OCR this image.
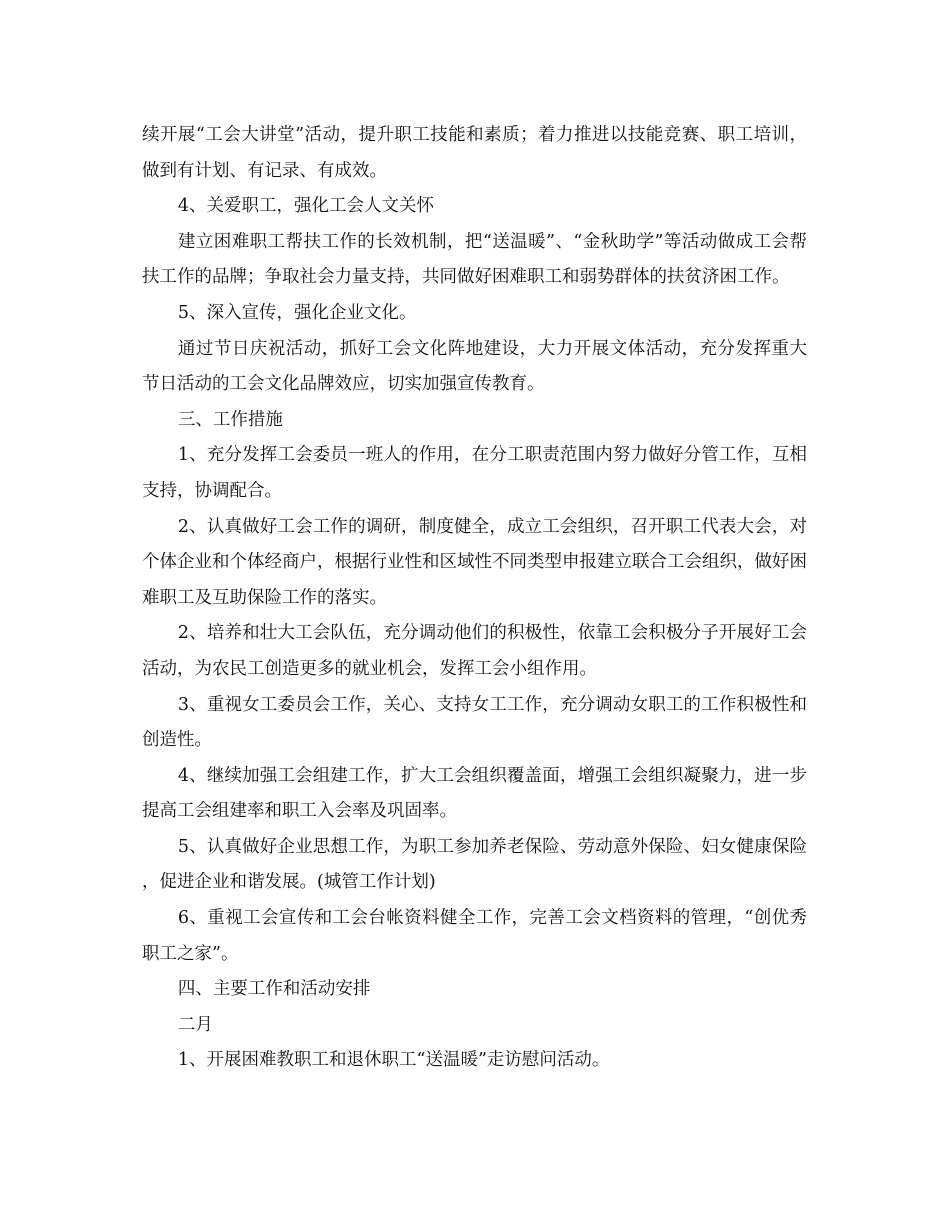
续开展“工会大讲堂”活动，提升职工技能和素质；着力推进以技能竞赛、职工培训，做到有计划、有记录、有成效。

4、关爱职工，强化工会人文关怀

建立困难职工帮扶工作的长效机制，把“送温暖”、“金秋助学”等活动做成工会帮扶工作的品牌；争取社会力量支持，共同做好困难职工和弱势群体的扶贫济困工作。

5、深入宣传，强化企业文化。

通过节日庆祝活动，抓好工会文化阵地建设，大力开展文体活动，充分发挥重大节日活动的工会文化品牌效应，切实加强宣传教育。

三、工作措施

1、充分发挥工会委员一班人的作用，在分工职责范围内努力做好分管工作，互相支持，协调配合。

2、认真做好工会工作的调研，制度健全，成立工会组织，召开职工代表大会，对个体企业和个体经商户，根据行业性和区域性不同类型申报建立联合工会组织，做好困难职工及互助保险工作的落实。

2、培养和壮大工会队伍，充分调动他们的积极性，依靠工会积极分子开展好工会活动，为农民工创造更多的就业机会，发挥工会小组作用。

3、重视女工委员会工作，关心、支持女工工作，充分调动女职工的工作积极性和创造性。

4、继续加强工会组建工作，扩大工会组织覆盖面，增强工会组织凝聚力，进一步提高工会组建率和职工入会率及巩固率。

5、认真做好企业思想工作，为职工参加养老保险、劳动意外保险、妇女健康保险，促进企业和谐发展。(城管工作计划)

6、重视工会宣传和工会台帐资料健全工作，完善工会文档资料的管理，“创优秀职工之家”。

四、主要工作和活动安排

二月

1、开展困难教职工和退休职工“送温暖”走访慰问活动。
